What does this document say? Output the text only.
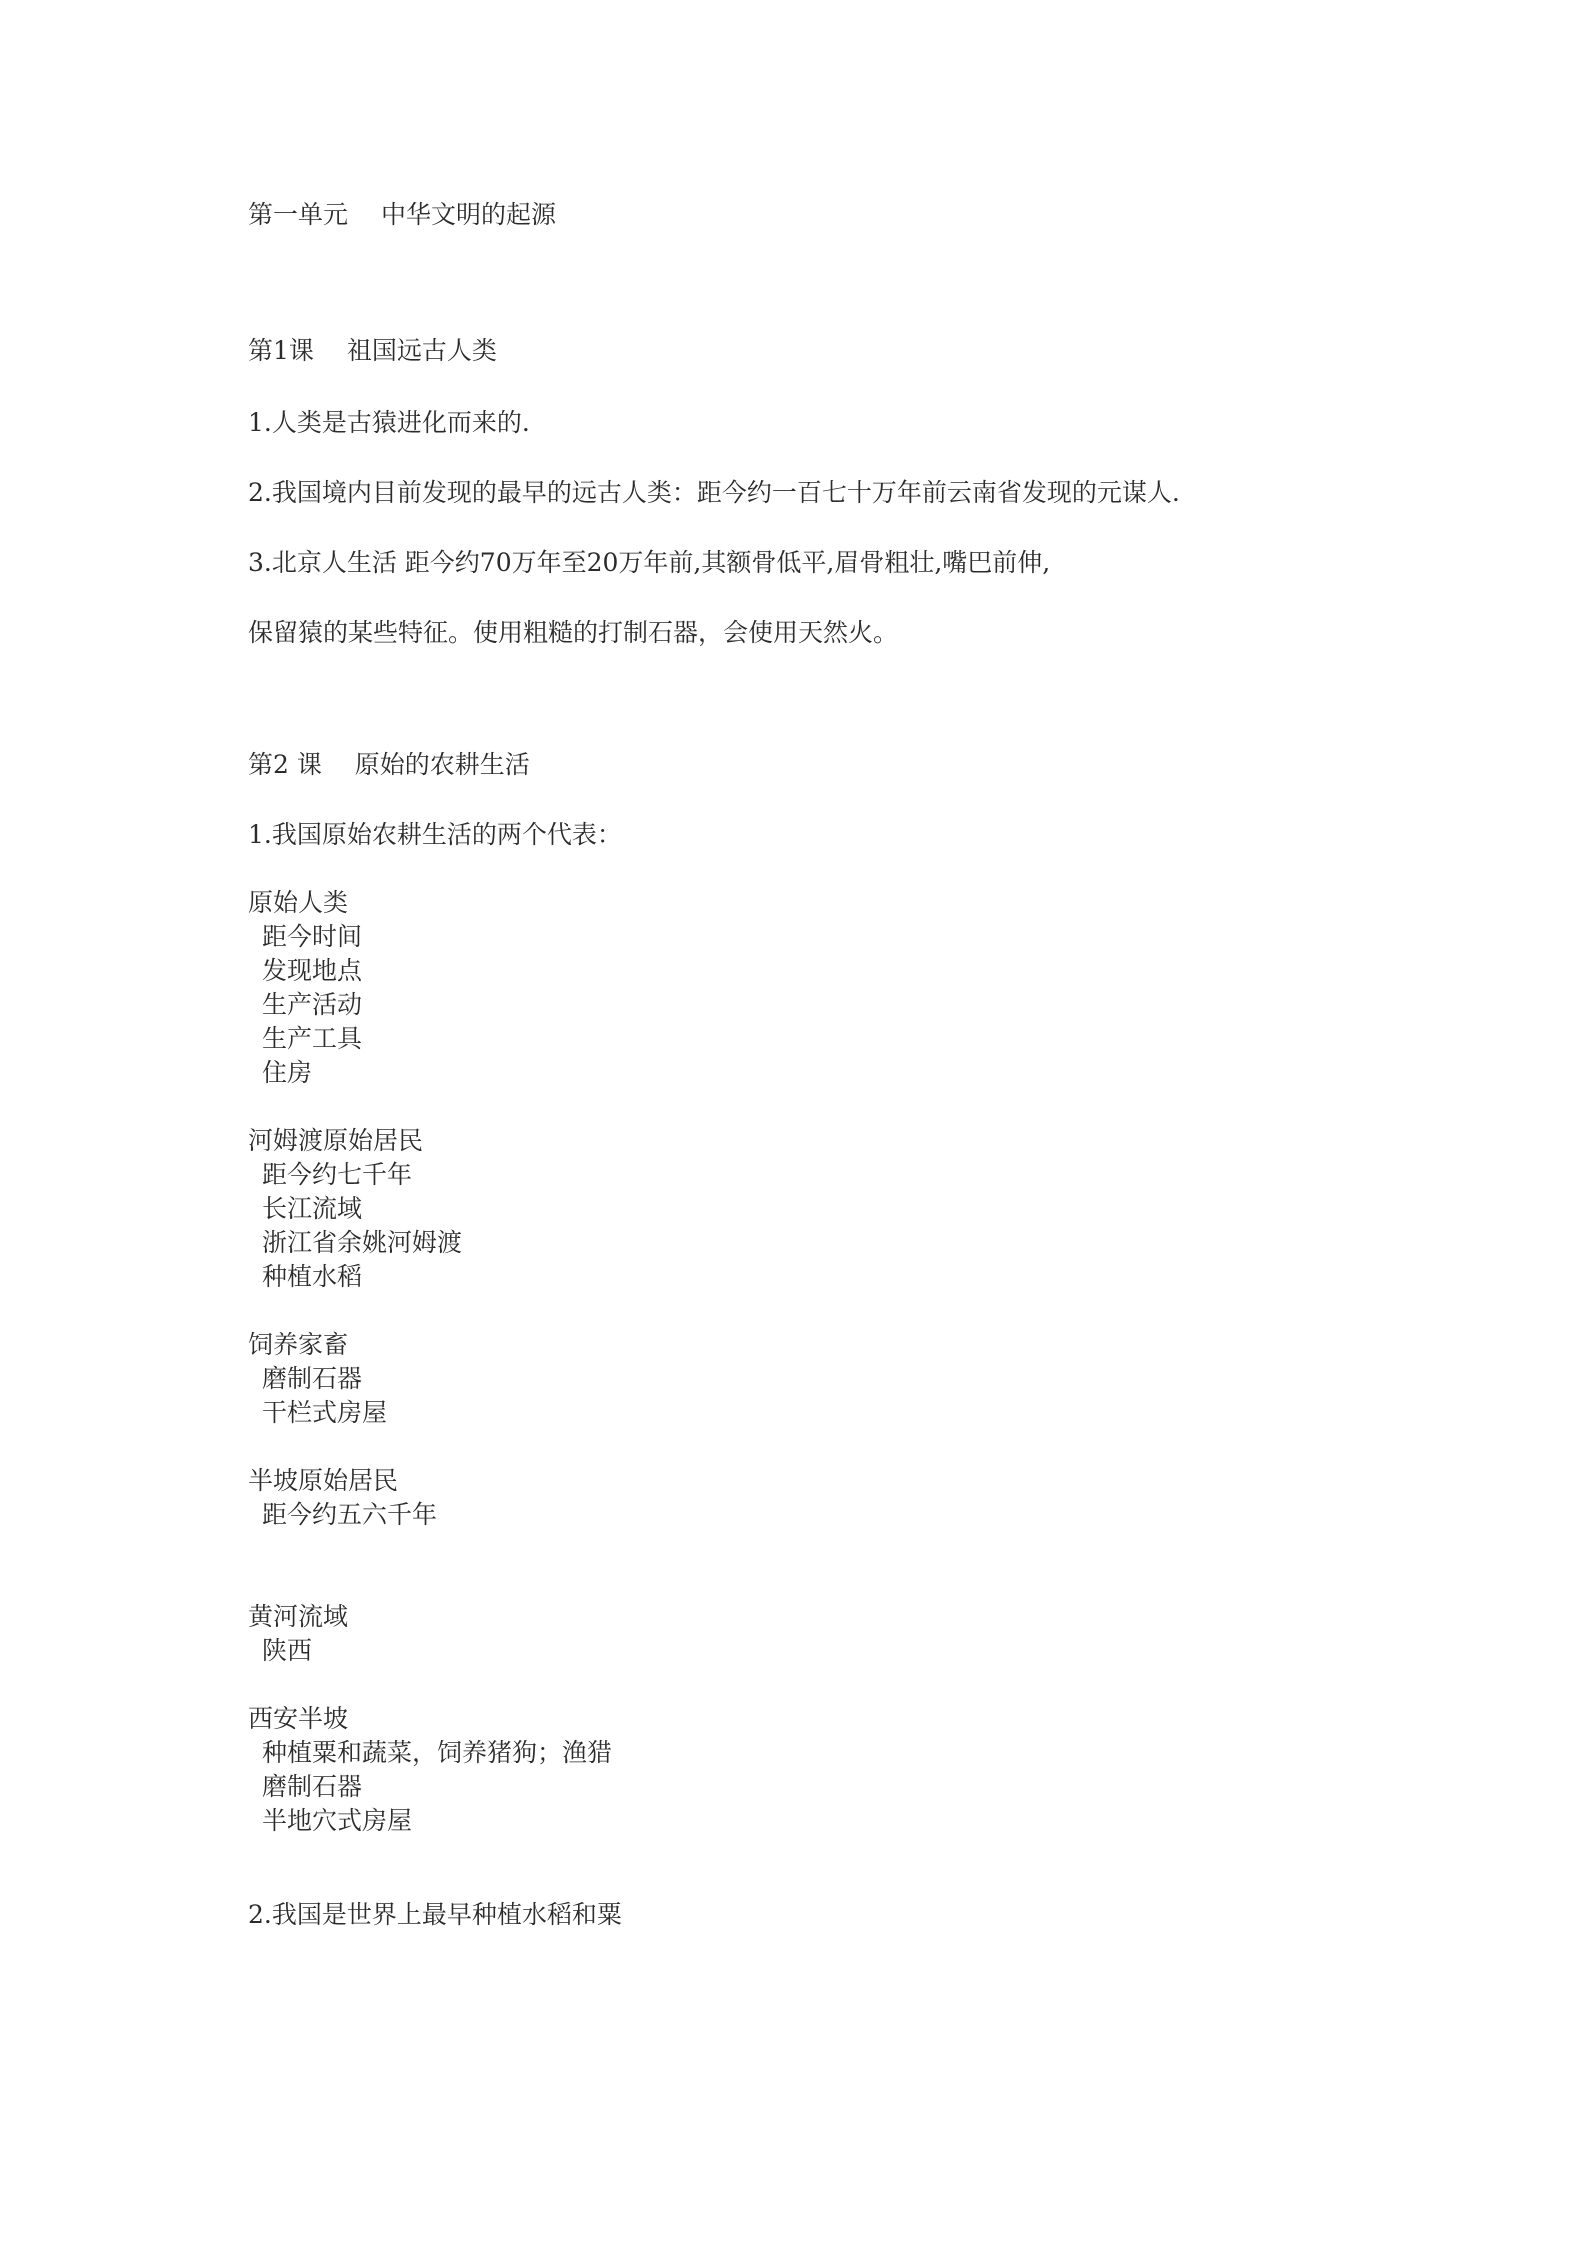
第一单元　 中华文明的起源
第1课　 祖国远古人类
1.人类是古猿进化而来的.
2.我国境内目前发现的最早的远古人类：距今约一百七十万年前云南省发现的元谋人.
3.北京人生活 距今约70万年至20万年前,其额骨低平,眉骨粗壮,嘴巴前伸,
保留猿的某些特征。使用粗糙的打制石器，会使用天然火。
第2 课　 原始的农耕生活
1.我国原始农耕生活的两个代表：
原始人类
距今时间
发现地点
生产活动
生产工具
住房
河姆渡原始居民
距今约七千年
长江流域
浙江省余姚河姆渡
种植水稻
饲养家畜
磨制石器
干栏式房屋
半坡原始居民
距今约五六千年
黄河流域
陕西
西安半坡
种植粟和蔬菜，饲养猪狗；渔猎
磨制石器
半地穴式房屋
2.我国是世界上最早种植水稻和粟
